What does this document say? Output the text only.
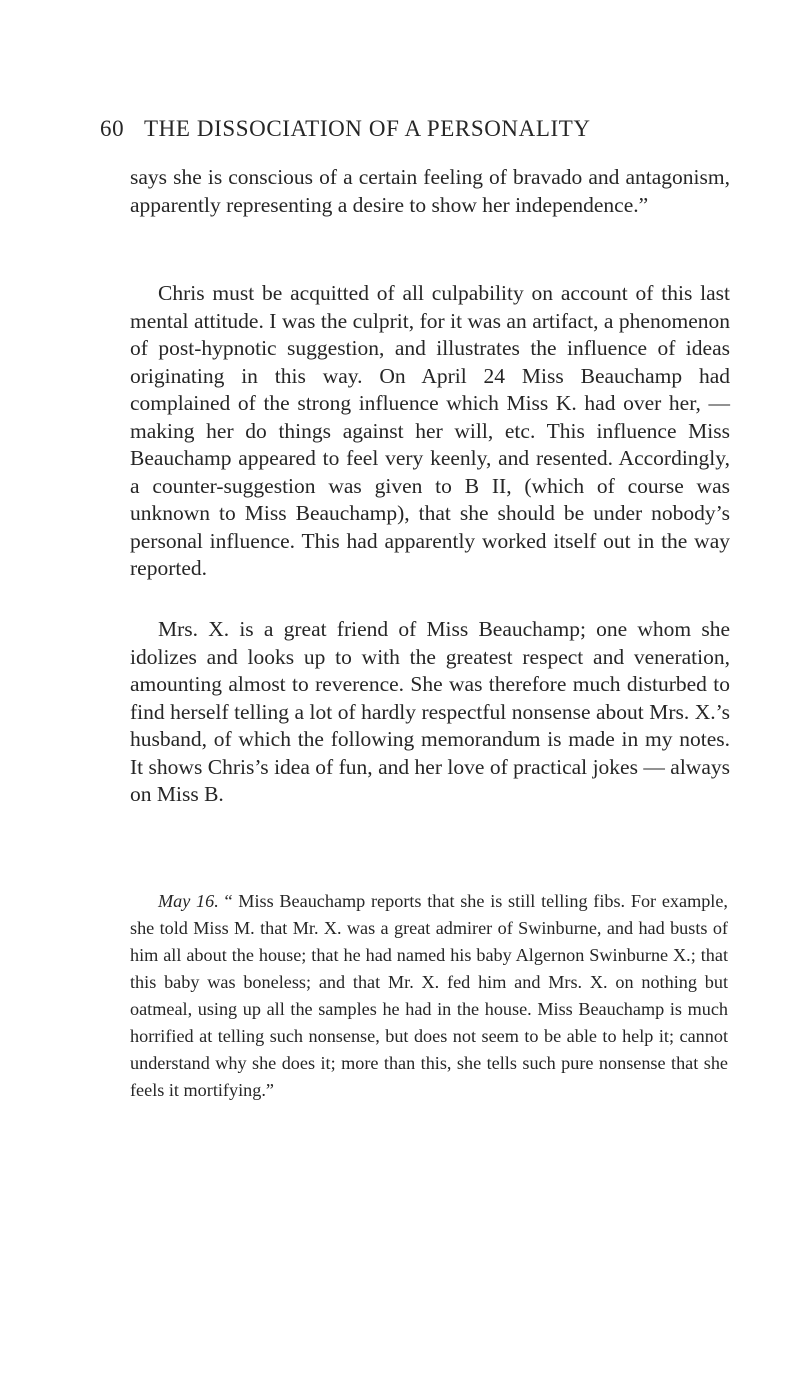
60 THE DISSOCIATION OF A PERSONALITY

says she is conscious of a certain feeling of bravado and antagonism, apparently representing a desire to show her independence.”

Chris must be acquitted of all culpability on account of this last mental attitude. I was the culprit, for it was an artifact, a phenomenon of post-hypnotic suggestion, and illustrates the influence of ideas originating in this way. On April 24 Miss Beauchamp had complained of the strong influence which Miss K. had over her, — making her do things against her will, etc. This influence Miss Beauchamp appeared to feel very keenly, and resented. Accordingly, a counter-suggestion was given to B II, (which of course was unknown to Miss Beauchamp), that she should be under nobody’s personal influence. This had apparently worked itself out in the way reported.

Mrs. X. is a great friend of Miss Beauchamp; one whom she idolizes and looks up to with the greatest respect and veneration, amounting almost to reverence. She was therefore much disturbed to find herself telling a lot of hardly respectful nonsense about Mrs. X.’s husband, of which the following memorandum is made in my notes. It shows Chris’s idea of fun, and her love of practical jokes — always on Miss B.

May 16. “ Miss Beauchamp reports that she is still telling fibs. For example, she told Miss M. that Mr. X. was a great admirer of Swinburne, and had busts of him all about the house; that he had named his baby Algernon Swinburne X.; that this baby was boneless; and that Mr. X. fed him and Mrs. X. on nothing but oatmeal, using up all the samples he had in the house. Miss Beauchamp is much horrified at telling such nonsense, but does not seem to be able to help it; cannot understand why she does it; more than this, she tells such pure nonsense that she feels it mortifying.”
